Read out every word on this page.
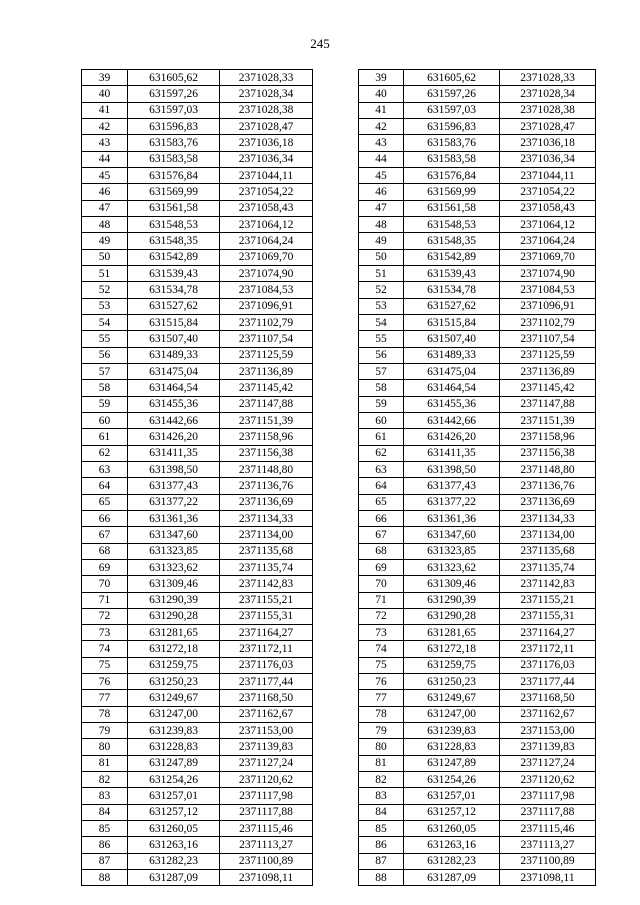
245
39	631605,62	2371028,33		39	631605,62	2371028,33
40	631597,26	2371028,34		40	631597,26	2371028,34
41	631597,03	2371028,38		41	631597,03	2371028,38
42	631596,83	2371028,47		42	631596,83	2371028,47
43	631583,76	2371036,18		43	631583,76	2371036,18
44	631583,58	2371036,34		44	631583,58	2371036,34
45	631576,84	2371044,11		45	631576,84	2371044,11
46	631569,99	2371054,22		46	631569,99	2371054,22
47	631561,58	2371058,43		47	631561,58	2371058,43
48	631548,53	2371064,12		48	631548,53	2371064,12
49	631548,35	2371064,24		49	631548,35	2371064,24
50	631542,89	2371069,70		50	631542,89	2371069,70
51	631539,43	2371074,90		51	631539,43	2371074,90
52	631534,78	2371084,53		52	631534,78	2371084,53
53	631527,62	2371096,91		53	631527,62	2371096,91
54	631515,84	2371102,79		54	631515,84	2371102,79
55	631507,40	2371107,54		55	631507,40	2371107,54
56	631489,33	2371125,59		56	631489,33	2371125,59
57	631475,04	2371136,89		57	631475,04	2371136,89
58	631464,54	2371145,42		58	631464,54	2371145,42
59	631455,36	2371147,88		59	631455,36	2371147,88
60	631442,66	2371151,39		60	631442,66	2371151,39
61	631426,20	2371158,96		61	631426,20	2371158,96
62	631411,35	2371156,38		62	631411,35	2371156,38
63	631398,50	2371148,80		63	631398,50	2371148,80
64	631377,43	2371136,76		64	631377,43	2371136,76
65	631377,22	2371136,69		65	631377,22	2371136,69
66	631361,36	2371134,33		66	631361,36	2371134,33
67	631347,60	2371134,00		67	631347,60	2371134,00
68	631323,85	2371135,68		68	631323,85	2371135,68
69	631323,62	2371135,74		69	631323,62	2371135,74
70	631309,46	2371142,83		70	631309,46	2371142,83
71	631290,39	2371155,21		71	631290,39	2371155,21
72	631290,28	2371155,31		72	631290,28	2371155,31
73	631281,65	2371164,27		73	631281,65	2371164,27
74	631272,18	2371172,11		74	631272,18	2371172,11
75	631259,75	2371176,03		75	631259,75	2371176,03
76	631250,23	2371177,44		76	631250,23	2371177,44
77	631249,67	2371168,50		77	631249,67	2371168,50
78	631247,00	2371162,67		78	631247,00	2371162,67
79	631239,83	2371153,00		79	631239,83	2371153,00
80	631228,83	2371139,83		80	631228,83	2371139,83
81	631247,89	2371127,24		81	631247,89	2371127,24
82	631254,26	2371120,62		82	631254,26	2371120,62
83	631257,01	2371117,98		83	631257,01	2371117,98
84	631257,12	2371117,88		84	631257,12	2371117,88
85	631260,05	2371115,46		85	631260,05	2371115,46
86	631263,16	2371113,27		86	631263,16	2371113,27
87	631282,23	2371100,89		87	631282,23	2371100,89
88	631287,09	2371098,11		88	631287,09	2371098,11
